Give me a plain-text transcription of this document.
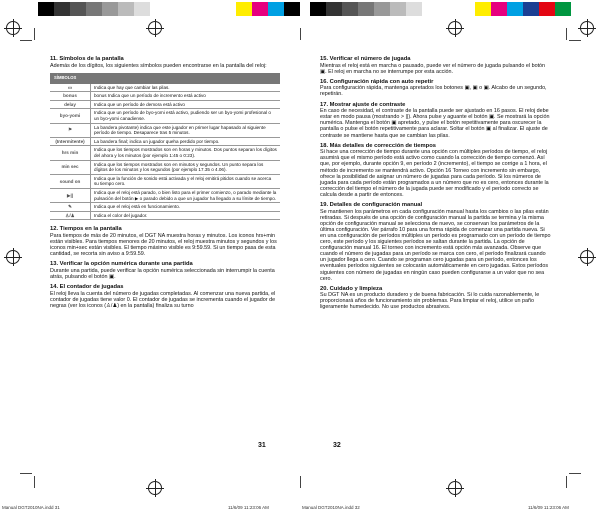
11. Símbolos de la pantalla

Además de los dígitos, los siguientes símbolos pueden encontrarse en la pantalla del reloj:

SÍMBOLOS	
▭	Indica que hay que cambiar las pilas.
bonus	bonus Indica que un período de incremento está activo
delay	Indica que un período de demora está activo
byo-yomi	Indica que un período de byo-yomi está activo, pudiendo ser un byo-yomi profesional o un byo-yomi canadiense.
⚑	La bandera pivotante) indica que este jugador en primer lugar hapasado al siguiente período de tiempo. Desaparece tras 5 minutos.
(Intermitente)	La bandera final; indica un jugador queha perdido por tiempo.
hrs min	Indica que los tiempos mostrados son en horas y minutos. Dos puntos separan los dígitos del ahora y los minutos (por ejemplo 1:45 o 0:23).
min sec	Indica que los tiempos mostrados son en minutos y segundos. Un punto separa los dígitos de los minutos y los segundos (por ejemplo 17.35 o 4.06).
sound on	Indica que la función de sonido está activada y el reloj emitirá pitidos cuando se acerca su tiempo cero.
▶||	Indica que el reloj está parado, o bien listo para el primer comienzo, o parado mediante la pulsación del botón ▶ o parado debido a que un jugador ha llegado a su límite de tiempo.
✎	Indica que el reloj está en funcionamiento.
♙/♟	Indica el color del jugador.
12. Tiempos en la pantalla

Para tiempos de más de 20 minutos, el DGT NA muestra horas y minutos. Los iconos hrs+min están visibles. Para tiempos menores de 20 minutos, el reloj muestra minutos y segundos y los iconos min+sec están visibles. El tiempo máximo visible es 9:59.59. Si un tiempo pasa de esta cantidad, se recorta sin aviso a 9:59.59.

13. Verificar la opción numérica durante una partida

Durante una partida, puede verificar la opción numérica seleccionada sin interrumpir la cuenta atrás, pulsando el botón ▣.

14. El contador de jugadas

El reloj lleva la cuenta del número de jugadas completadas. Al comenzar una nueva partida, el contador de jugadas tiene valor 0. El contador de jugadas se incrementa cuando el jugador de negras (ver los iconos (♙/♟) en la pantalla) finaliza su turno

31
15. Verificar el número de jugada

Mientras el reloj está en marcha o pausado, puede ver el número de jugada pulsando el botón ▣. El reloj en marcha no se interrumpe por esta acción.

16. Configuración rápida con auto repetir

Para configuración rápida, mantenga apretados los botones ▣, ▣ o ▣. Alcabo de un segundo, repetirán.

17. Mostrar ajuste de contraste

En caso de necesidad, el contraste de la pantalla puede ser ajustado en 16 pasos. El reloj debe estar en modo pausa (mostrando > ||). Ahora pulse y aguante el botón ▣. Se mostrará la opción numérica. Mantenga el botón ▣ apretado, y pulse el botón repetitivamente para oscurecer la pantalla o pulse el botón repetitivamente para aclarar. Soltar el botón ▣ al finalizar. El ajuste de contraste se mantiene hasta que se cambian las pilas.

18. Más detalles de corrección de tiempos

Si hace una corrección de tiempo durante una opción con múltiples períodos de tiempo, el reloj asumirá que el mismo período está activo como cuando la corrección de tiempo comenzó. Así que, por ejemplo, durante opción 9, en período 2 (incremento), el tiempo se corrige a 1 hora, el método de incremento se mantendrá activo. Opción 16 Torneo con incremento sin embargo, ofrece la posibilidad de asignar un número de jugadas para cada período. Si los números de jugada para cada período están programados a un número que no es cero, entonces durante la corrección del tiempo el número de la jugada puede ser modificado y el período correcto se calcula desde a partir de entonces.

19. Detalles de configuración manual

Se mantienen los parámetros en cada configuración manual hasta los cambios o las pilas están retiradas. Si después de una opción de configuración manual la partida se termina y la misma opción de configuración manual se selecciona de nuevo, se conservan los parámetros de la última configuración. Ver párrafo 10 para una forma rápida de comenzar una partida nueva. Si en una configuración de períodos múltiples un período es programado con un período de tiempo cero, este período y los siguientes períodos se saltan durante la partida. La opción de configuración manual 16. El torneo con incremento está opción más avanzada. Observe que cuando el número de jugadas para un período se marca con cero, el período finalizará cuando un jugador llega a cero. Cuando se programan cero jugadas para un período, entonces los eventuales períodos siguientes se colocarán automáticamente en cero jugadas. Estos períodos siguientes con número de jugadas en ningún caso pueden configurarse a un valor que no sea cero.

20. Cuidado y limpieza

Su DGT NA es un producto duradero y de buena fabricación. Si lo cuida razonablemente, le proporcionará años de funcionamiento sin problemas. Para limpiar el reloj, utilice un paño ligeramente humedecido. No use productos abrasivos.

32
Manual DGT2010NA.indd 31	11/6/09 11:23:06 AM	Manual DGT2010NA.indd 32	11/6/09 11:23:06 AM
